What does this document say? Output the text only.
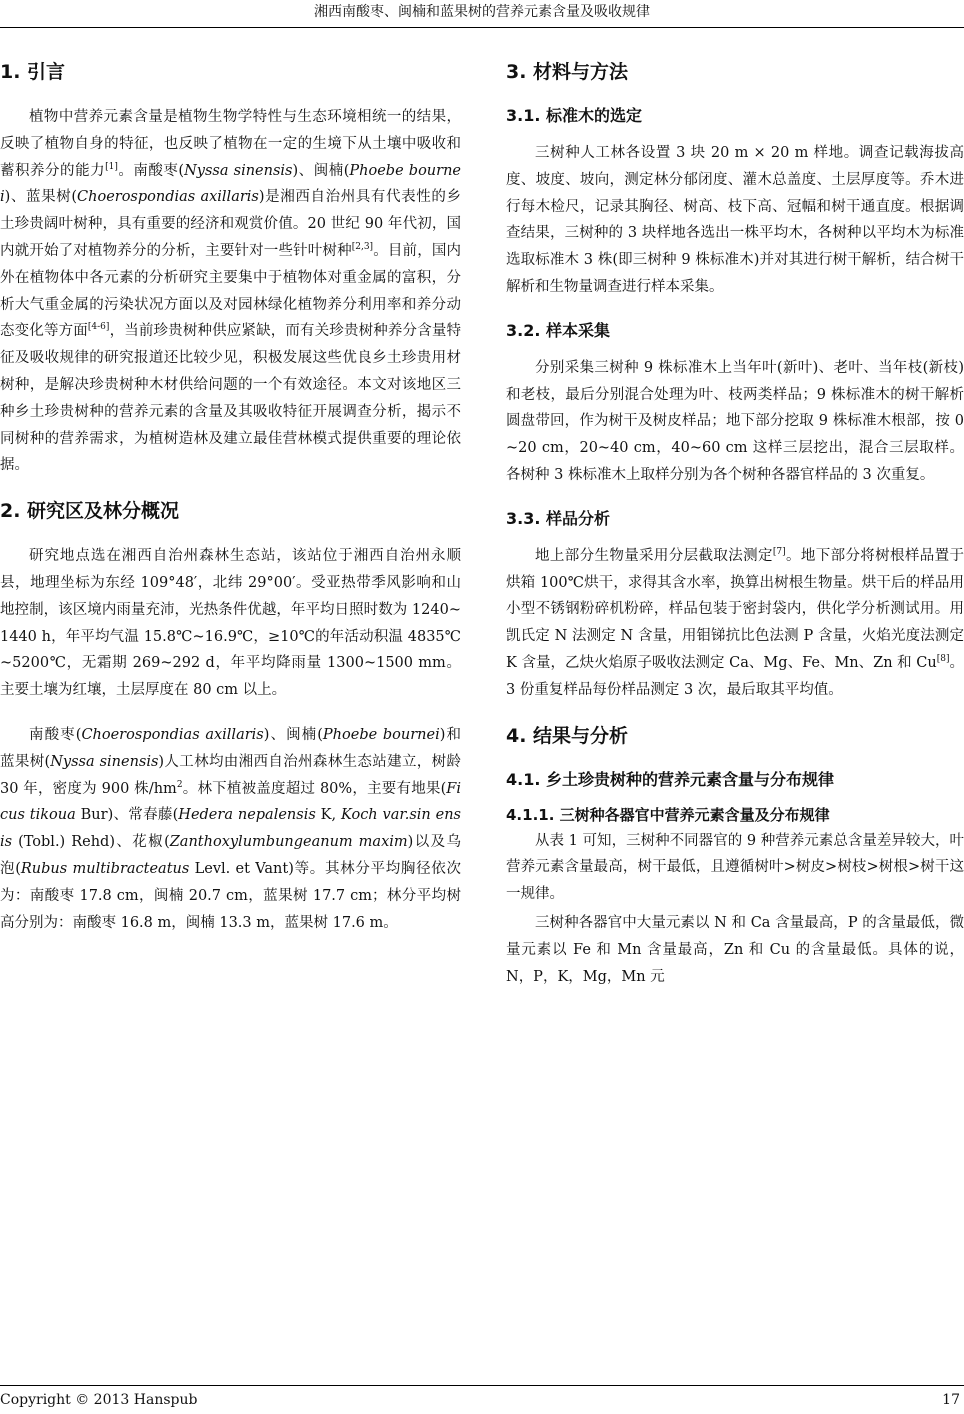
湘西南酸枣、闽楠和蓝果树的营养元素含量及吸收规律
1. 引言

植物中营养元素含量是植物生物学特性与生态环境相统一的结果，反映了植物自身的特征，也反映了植物在一定的生境下从土壤中吸收和蓄积养分的能力[1]。南酸枣(Nyssa sinensis)、闽楠(Phoebe bournei)、蓝果树(Choerospondias axillaris)是湘西自治州具有代表性的乡土珍贵阔叶树种，具有重要的经济和观赏价值。20 世纪 90 年代初，国内就开始了对植物养分的分析，主要针对一些针叶树种[2,3]。目前，国内外在植物体中各元素的分析研究主要集中于植物体对重金属的富积，分析大气重金属的污染状况方面以及对园林绿化植物养分利用率和养分动态变化等方面[4-6]，当前珍贵树种供应紧缺，而有关珍贵树种养分含量特征及吸收规律的研究报道还比较少见，积极发展这些优良乡土珍贵用材树种，是解决珍贵树种木材供给问题的一个有效途径。本文对该地区三种乡土珍贵树种的营养元素的含量及其吸收特征开展调查分析，揭示不同树种的营养需求，为植树造林及建立最佳营林模式提供重要的理论依据。

2. 研究区及林分概况

研究地点选在湘西自治州森林生态站，该站位于湘西自治州永顺县，地理坐标为东经 109°48′，北纬 29°00′。受亚热带季风影响和山地控制，该区境内雨量充沛，光热条件优越，年平均日照时数为 1240~1440 h，年平均气温 15.8℃~16.9℃，≥10℃的年活动积温 4835℃~5200℃，无霜期 269~292 d，年平均降雨量 1300~1500 mm。主要土壤为红壤，土层厚度在 80 cm 以上。

南酸枣(Choerospondias axillaris)、闽楠(Phoebe bournei)和蓝果树(Nyssa sinensis)人工林均由湘西自治州森林生态站建立，树龄 30 年，密度为 900 株$/hm^2$。林下植被盖度超过 80%，主要有地果(Ficus tikoua Bur)、常春藤(Hedera nepalensis K, Koch var.sin ensis (Tobl.) Rehd)、花椒(Zanthoxylumbungeanum maxim)以及乌泡(Rubus multibracteatus Levl. et Vant)等。其林分平均胸径依次为：南酸枣 17.8 cm，闽楠 20.7 cm，蓝果树 17.7 cm；林分平均树高分别为：南酸枣 16.8 m，闽楠 13.3 m，蓝果树 17.6 m。

3. 材料与方法
3.1. 标准木的选定

三树种人工林各设置 3 块 20 m × 20 m 样地。调查记载海拔高度、坡度、坡向，测定林分郁闭度、灌木总盖度、土层厚度等。乔木进行每木检尺，记录其胸径、树高、枝下高、冠幅和树干通直度。根据调查结果，三树种的 3 块样地各选出一株平均木，各树种以平均木为标准选取标准木 3 株(即三树种 9 株标准木)并对其进行树干解析，结合树干解析和生物量调查进行样本采集。

3.2. 样本采集

分别采集三树种 9 株标准木上当年叶(新叶)、老叶、当年枝(新枝)和老枝，最后分别混合处理为叶、枝两类样品；9 株标准木的树干解析圆盘带回，作为树干及树皮样品；地下部分挖取 9 株标准木根部，按 0~20 cm，20~40 cm，40~60 cm 这样三层挖出，混合三层取样。各树种 3 株标准木上取样分别为各个树种各器官样品的 3 次重复。

3.3. 样品分析

地上部分生物量采用分层截取法测定[7]。地下部分将树根样品置于烘箱 100℃烘干，求得其含水率，换算出树根生物量。烘干后的样品用小型不锈钢粉碎机粉碎，样品包装于密封袋内，供化学分析测试用。用凯氏定 N 法测定 N 含量，用钼锑抗比色法测 P 含量，火焰光度法测定 K 含量，乙炔火焰原子吸收法测定 Ca、Mg、Fe、Mn、Zn 和 Cu[8]。3 份重复样品每份样品测定 3 次，最后取其平均值。

4. 结果与分析
4.1. 乡土珍贵树种的营养元素含量与分布规律
4.1.1. 三树种各器官中营养元素含量及分布规律

从表 1 可知，三树种不同器官的 9 种营养元素总含量差异较大，叶营养元素含量最高，树干最低，且遵循树叶>树皮>树枝>树根>树干这一规律。

三树种各器官中大量元素以 N 和 Ca 含量最高，P 的含量最低，微量元素以 Fe 和 Mn 含量最高，Zn 和 Cu 的含量最低。具体的说，N，P，K，Mg，Mn 元

Copyright © 2013 Hanspub	17
